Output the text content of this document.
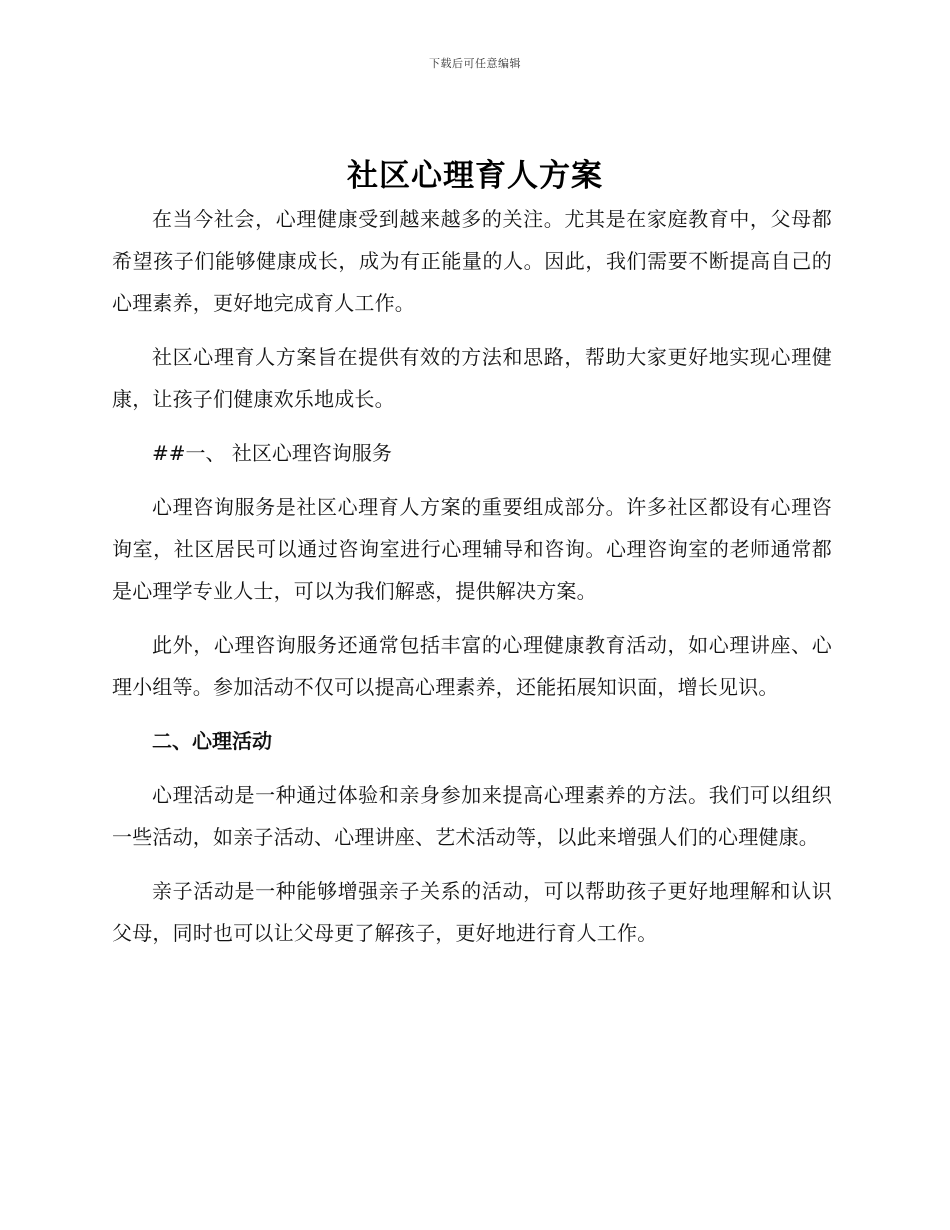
下载后可任意编辑
社区心理育人方案

在当今社会，心理健康受到越来越多的关注。尤其是在家庭教育中，父母都希望孩子们能够健康成长，成为有正能量的人。因此，我们需要不断提高自己的心理素养，更好地完成育人工作。

社区心理育人方案旨在提供有效的方法和思路，帮助大家更好地实现心理健康，让孩子们健康欢乐地成长。

##一、 社区心理咨询服务

心理咨询服务是社区心理育人方案的重要组成部分。许多社区都设有心理咨询室，社区居民可以通过咨询室进行心理辅导和咨询。心理咨询室的老师通常都是心理学专业人士，可以为我们解惑，提供解决方案。

此外，心理咨询服务还通常包括丰富的心理健康教育活动，如心理讲座、心理小组等。参加活动不仅可以提高心理素养，还能拓展知识面，增长见识。

二、心理活动

心理活动是一种通过体验和亲身参加来提高心理素养的方法。我们可以组织一些活动，如亲子活动、心理讲座、艺术活动等，以此来增强人们的心理健康。

亲子活动是一种能够增强亲子关系的活动，可以帮助孩子更好地理解和认识父母，同时也可以让父母更了解孩子，更好地进行育人工作。
